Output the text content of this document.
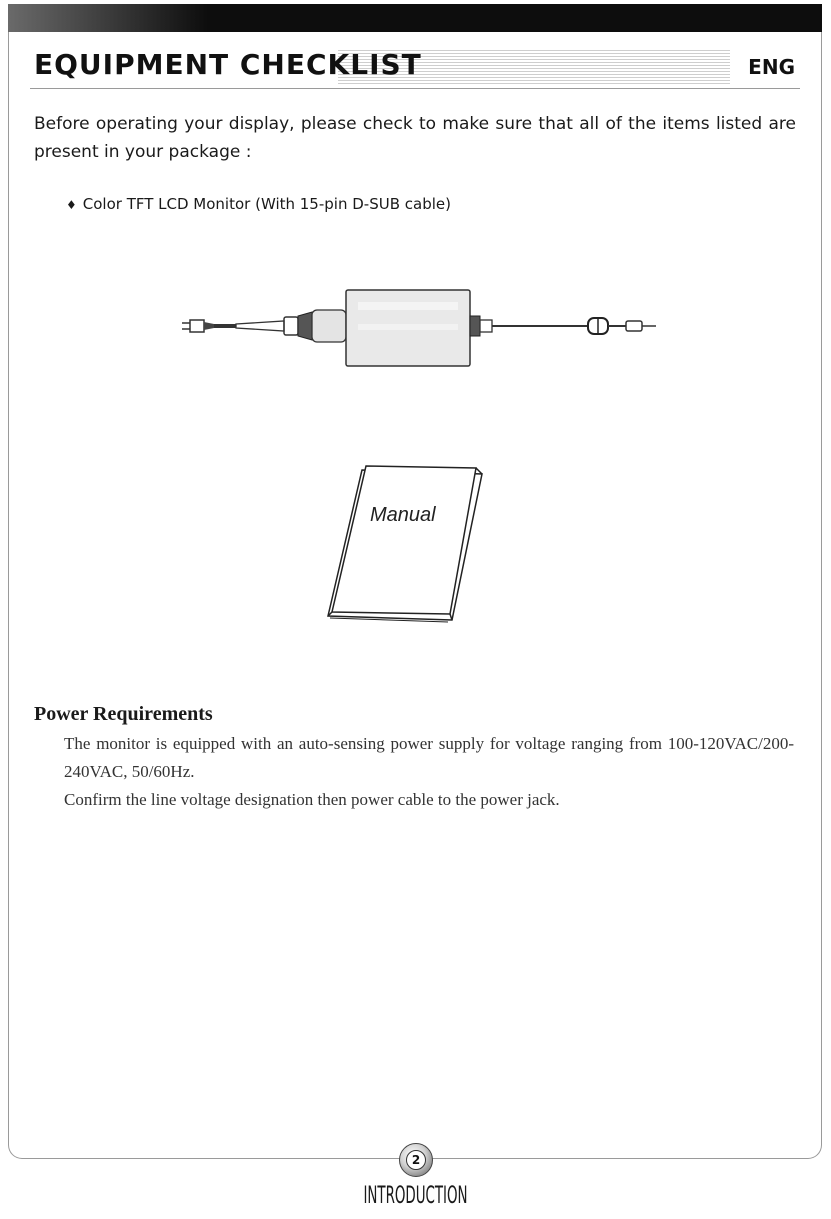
EQUIPMENT CHECKLIST	ENG

Before operating your display, please check to make sure that all of the items listed are present in your package :

♦ Color TFT LCD Monitor (With 15-pin D-SUB cable)
Manual
Power Requirements

The monitor is equipped with an auto-sensing power supply for voltage ranging from 100-120VAC/200-240VAC, 50/60Hz.

Confirm the line voltage designation then power cable to the power jack.

2
INTRODUCTION
